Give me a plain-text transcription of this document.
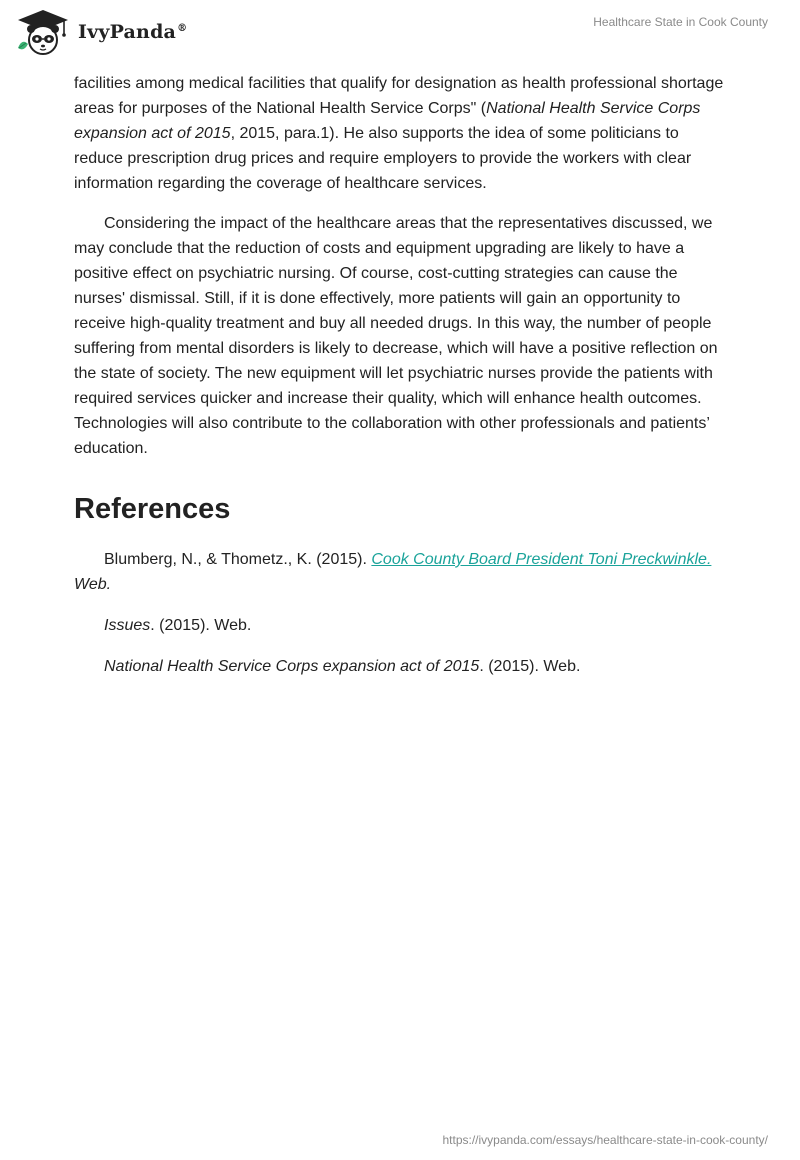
IvyPanda®	Healthcare State in Cook County

facilities among medical facilities that qualify for designation as health professional shortage areas for purposes of the National Health Service Corps" (National Health Service Corps expansion act of 2015, 2015, para.1). He also supports the idea of some politicians to reduce prescription drug prices and require employers to provide the workers with clear information regarding the coverage of healthcare services.

Considering the impact of the healthcare areas that the representatives discussed, we may conclude that the reduction of costs and equipment upgrading are likely to have a positive effect on psychiatric nursing. Of course, cost-cutting strategies can cause the nurses' dismissal. Still, if it is done effectively, more patients will gain an opportunity to receive high-quality treatment and buy all needed drugs. In this way, the number of people suffering from mental disorders is likely to decrease, which will have a positive reflection on the state of society. The new equipment will let psychiatric nurses provide the patients with required services quicker and increase their quality, which will enhance health outcomes. Technologies will also contribute to the collaboration with other professionals and patients’ education.

References

Blumberg, N., & Thometz., K. (2015). Cook County Board President Toni Preckwinkle. Web.

Issues. (2015). Web.

National Health Service Corps expansion act of 2015. (2015). Web.

https://ivypanda.com/essays/healthcare-state-in-cook-county/
